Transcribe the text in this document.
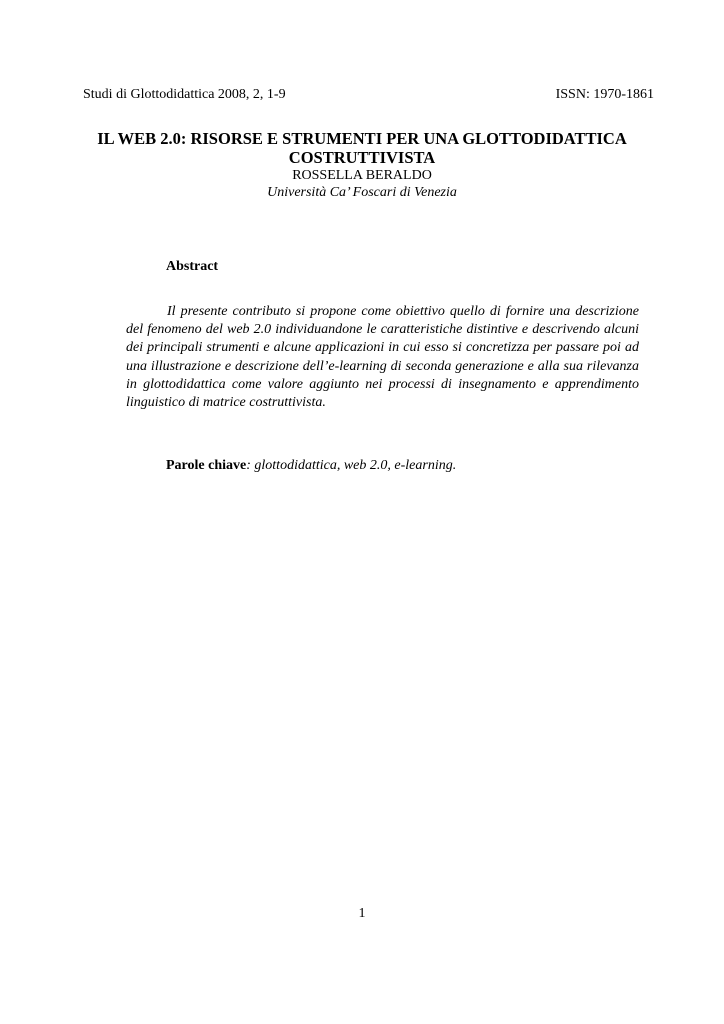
Studi di Glottodidattica 2008, 2, 1-9	ISSN: 1970-1861
IL WEB 2.0: RISORSE E STRUMENTI PER UNA GLOTTODIDATTICA
COSTRUTTIVISTA
ROSSELLA BERALDO
Università Ca’ Foscari di Venezia
Abstract

Il presente contributo si propone come obiettivo quello di fornire una descrizione del fenomeno del web 2.0 individuandone le caratteristiche distintive e descrivendo alcuni dei principali strumenti e alcune applicazioni in cui esso si concretizza per passare poi ad una illustrazione e descrizione dell’e-learning di seconda generazione e alla sua rilevanza in glottodidattica come valore aggiunto nei processi di insegnamento e apprendimento linguistico di matrice costruttivista.

Parole chiave: glottodidattica, web 2.0, e-learning.
1
